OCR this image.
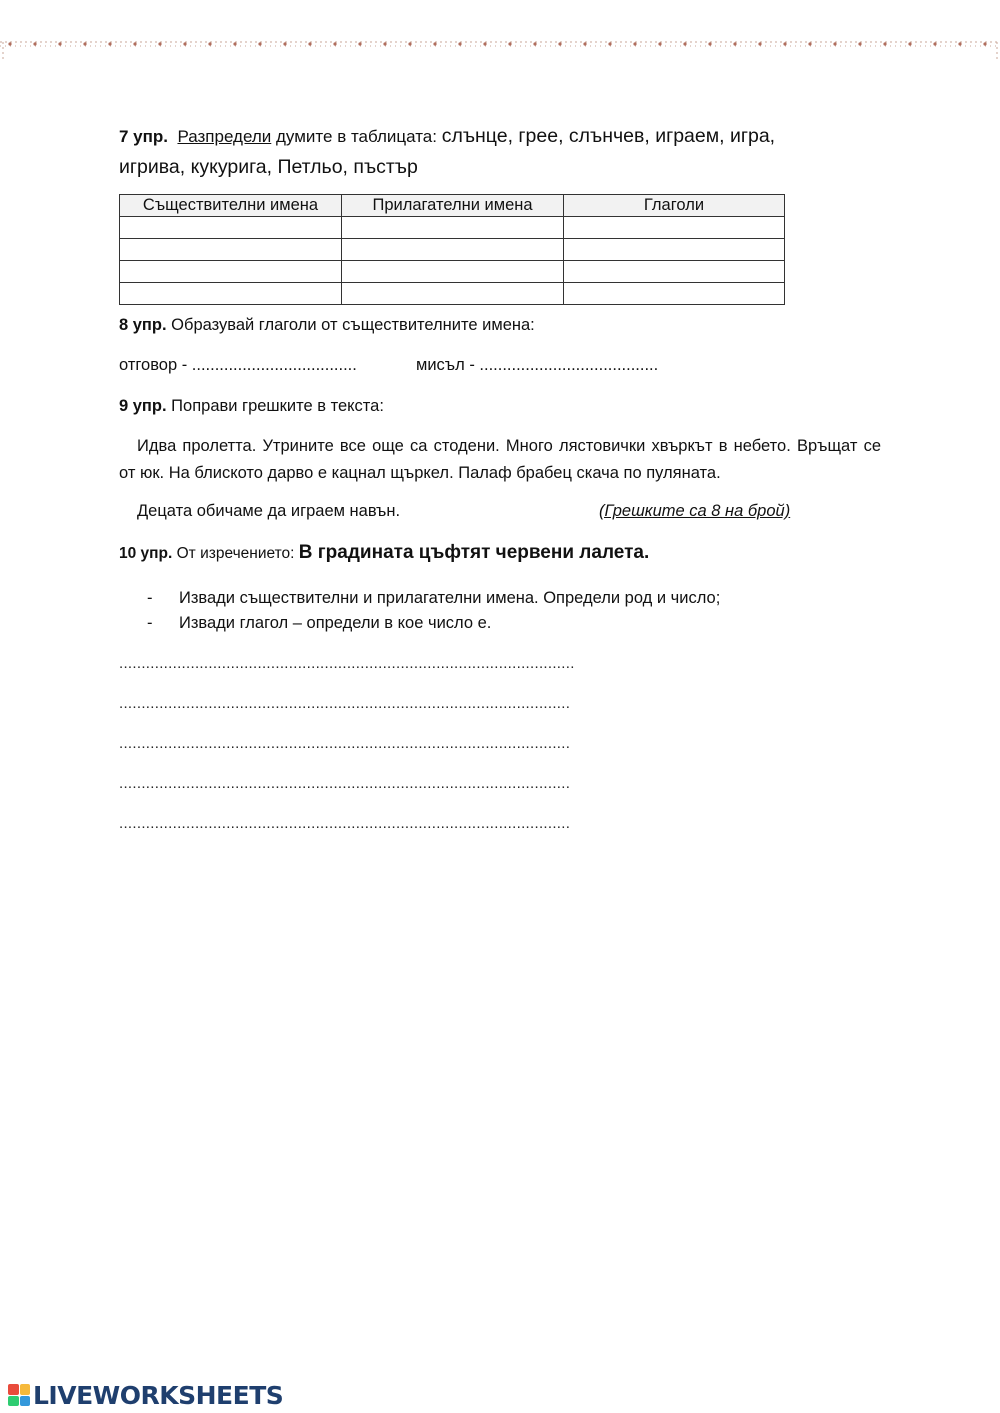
7 упр. Разпредели думите в таблицата: слънце, грее, слънчев, играем, игра,
игрива, кукурига, Петльо, пъстър
Съществителни имена	Прилагателни имена	Глаголи

8 упр. Образувай глаголи от съществителните имена:
отговор - ....................................	мисъл - .......................................
9 упр. Поправи грешките в текста:
Идва пролетта. Утрините все още са стодени. Много лястовички хвъркът в небето. Връщат се от юк. На блиското дарво е кацнал щъркел. Палаф брабец скача по пуляната.
Децата обичаме да играем навън.	(Грешките са 8 на брой)
10 упр. От изречението: В градината цъфтят червени лалета.
- Извади съществителни и прилагателни имена. Определи род и число;
- Извади глагол – определи в кое число е.
......................................................................................................
.....................................................................................................
.....................................................................................................
.....................................................................................................
.....................................................................................................
LIVEWORKSHEETS
